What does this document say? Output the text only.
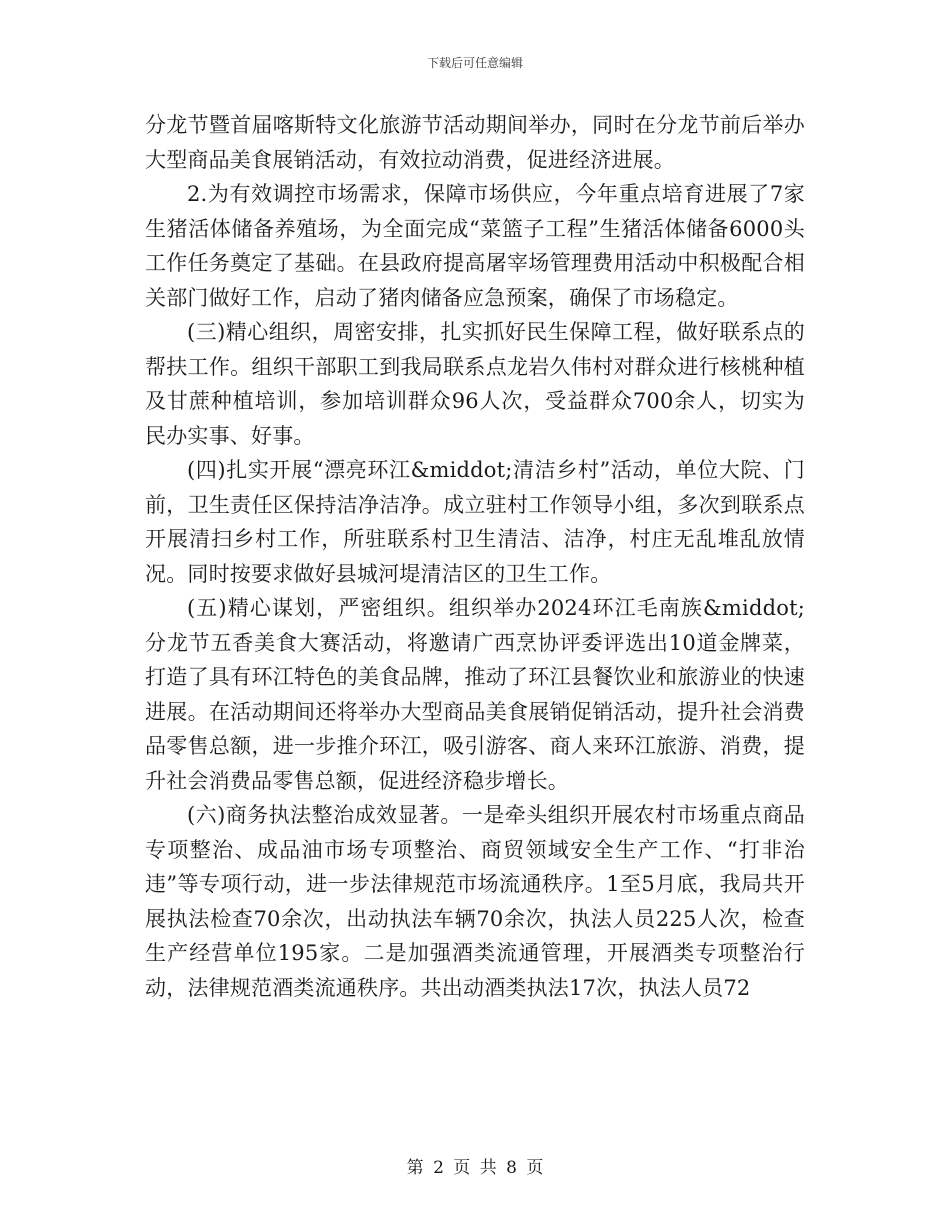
下载后可任意编辑

分龙节暨首届喀斯特文化旅游节活动期间举办，同时在分龙节前后举办大型商品美食展销活动，有效拉动消费，促进经济进展。

2.为有效调控市场需求，保障市场供应，今年重点培育进展了7家生猪活体储备养殖场，为全面完成“菜篮子工程”生猪活体储备6000头工作任务奠定了基础。在县政府提高屠宰场管理费用活动中积极配合相关部门做好工作，启动了猪肉储备应急预案，确保了市场稳定。

(三)精心组织，周密安排，扎实抓好民生保障工程，做好联系点的帮扶工作。组织干部职工到我局联系点龙岩久伟村对群众进行核桃种植及甘蔗种植培训，参加培训群众96人次，受益群众700余人，切实为民办实事、好事。

(四)扎实开展“漂亮环江&middot;清洁乡村”活动，单位大院、门前，卫生责任区保持洁净洁净。成立驻村工作领导小组，多次到联系点开展清扫乡村工作，所驻联系村卫生清洁、洁净，村庄无乱堆乱放情况。同时按要求做好县城河堤清洁区的卫生工作。

(五)精心谋划，严密组织。组织举办2024环江毛南族&middot;分龙节五香美食大赛活动，将邀请广西烹协评委评选出10道金牌菜，打造了具有环江特色的美食品牌，推动了环江县餐饮业和旅游业的快速进展。在活动期间还将举办大型商品美食展销促销活动，提升社会消费品零售总额，进一步推介环江，吸引游客、商人来环江旅游、消费，提升社会消费品零售总额，促进经济稳步增长。

(六)商务执法整治成效显著。一是牵头组织开展农村市场重点商品专项整治、成品油市场专项整治、商贸领域安全生产工作、“打非治违”等专项行动，进一步法律规范市场流通秩序。1至5月底，我局共开展执法检查70余次，出动执法车辆70余次，执法人员225人次，检查生产经营单位195家。二是加强酒类流通管理，开展酒类专项整治行动，法律规范酒类流通秩序。共出动酒类执法17次，执法人员72

第 2 页 共 8 页
